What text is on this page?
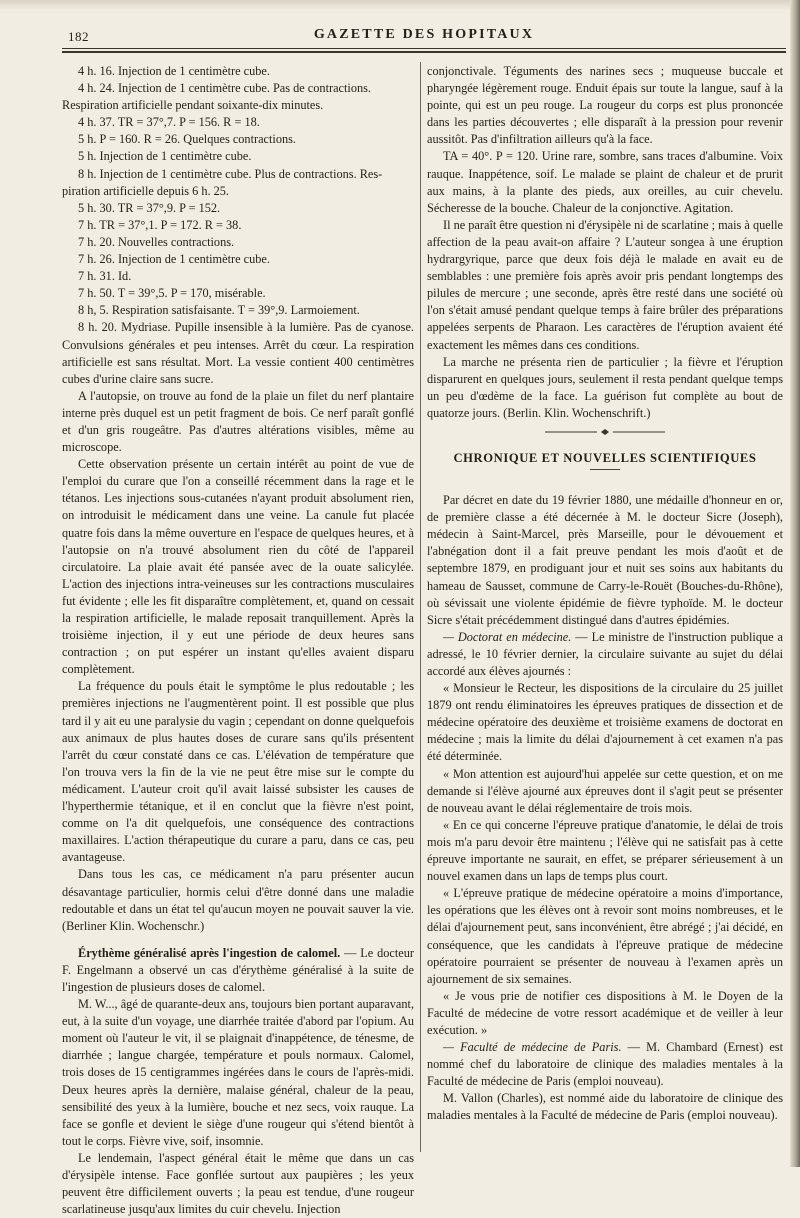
182	GAZETTE DES HOPITAUX

4 h. 16. Injection de 1 centimètre cube.

4 h. 24. Injection de 1 centimètre cube. Pas de contractions.

Respiration artificielle pendant soixante-dix minutes.

4 h. 37. TR = 37°,7. P = 156. R = 18.

5 h. P = 160. R = 26. Quelques contractions.

5 h. Injection de 1 centimètre cube.

8 h. Injection de 1 centimètre cube. Plus de contractions. Res-

piration artificielle depuis 6 h. 25.

5 h. 30. TR = 37°,9. P = 152.

7 h. TR = 37°,1. P = 172. R = 38.

7 h. 20. Nouvelles contractions.

7 h. 26. Injection de 1 centimètre cube.

7 h. 31. Id.

7 h. 50. T = 39°,5. P = 170, misérable.

8 h, 5. Respiration satisfaisante. T = 39°,9. Larmoiement.

8 h. 20. Mydriase. Pupille insensible à la lumière. Pas de cyanose. Convulsions générales et peu intenses. Arrêt du cœur. La respiration artificielle est sans résultat. Mort. La vessie contient 400 centimètres cubes d'urine claire sans sucre.

A l'autopsie, on trouve au fond de la plaie un filet du nerf plantaire interne près duquel est un petit fragment de bois. Ce nerf paraît gonflé et d'un gris rougeâtre. Pas d'autres altérations visibles, même au microscope.

Cette observation présente un certain intérêt au point de vue de l'emploi du curare que l'on a conseillé récemment dans la rage et le tétanos. Les injections sous-cutanées n'ayant produit absolument rien, on introduisit le médicament dans une veine. La canule fut placée quatre fois dans la même ouverture en l'espace de quelques heures, et à l'autopsie on n'a trouvé absolument rien du côté de l'appareil circulatoire. La plaie avait été pansée avec de la ouate salicylée. L'action des injections intra-veineuses sur les contractions musculaires fut évidente ; elle les fit disparaître complètement, et, quand on cessait la respiration artificielle, le malade reposait tranquillement. Après la troisième injection, il y eut une période de deux heures sans contraction ; on put espérer un instant qu'elles avaient disparu complètement.

La fréquence du pouls était le symptôme le plus redoutable ; les premières injections ne l'augmentèrent point. Il est possible que plus tard il y ait eu une paralysie du vagin ; cependant on donne quelquefois aux animaux de plus hautes doses de curare sans qu'ils présentent l'arrêt du cœur constaté dans ce cas. L'élévation de température que l'on trouva vers la fin de la vie ne peut être mise sur le compte du médicament. L'auteur croit qu'il avait laissé subsister les causes de l'hyperthermie tétanique, et il en conclut que la fièvre n'est point, comme on l'a dit quelquefois, une conséquence des contractions maxillaires. L'action thérapeutique du curare a paru, dans ce cas, peu avantageuse.

Dans tous les cas, ce médicament n'a paru présenter aucun désavantage particulier, hormis celui d'être donné dans une maladie redoutable et dans un état tel qu'aucun moyen ne pouvait sauver la vie. (Berliner Klin. Wochenschr.)

Érythème généralisé après l'ingestion de calomel. — Le docteur F. Engelmann a observé un cas d'érythème généralisé à la suite de l'ingestion de plusieurs doses de calomel.

M. W..., âgé de quarante-deux ans, toujours bien portant auparavant, eut, à la suite d'un voyage, une diarrhée traitée d'abord par l'opium. Au moment où l'auteur le vit, il se plaignait d'inappétence, de ténesme, de diarrhée ; langue chargée, température et pouls normaux. Calomel, trois doses de 15 centigrammes ingérées dans le cours de l'après-midi. Deux heures après la dernière, malaise général, chaleur de la peau, sensibilité des yeux à la lumière, bouche et nez secs, voix rauque. La face se gonfle et devient le siège d'une rougeur qui s'étend bientôt à tout le corps. Fièvre vive, soif, insomnie.

Le lendemain, l'aspect général était le même que dans un cas d'érysipèle intense. Face gonflée surtout aux paupières ; les yeux peuvent être difficilement ouverts ; la peau est tendue, d'une rougeur scarlatineuse jusqu'aux limites du cuir chevelu. Injection

conjonctivale. Téguments des narines secs ; muqueuse buccale et pharyngée légèrement rouge. Enduit épais sur toute la langue, sauf à la pointe, qui est un peu rouge. La rougeur du corps est plus prononcée dans les parties découvertes ; elle disparaît à la pression pour revenir aussitôt. Pas d'infiltration ailleurs qu'à la face.

TA = 40°. P = 120. Urine rare, sombre, sans traces d'albumine. Voix rauque. Inappétence, soif. Le malade se plaint de chaleur et de prurit aux mains, à la plante des pieds, aux oreilles, au cuir chevelu. Sécheresse de la bouche. Chaleur de la conjonctive. Agitation.

Il ne paraît être question ni d'érysipèle ni de scarlatine ; mais à quelle affection de la peau avait-on affaire ? L'auteur songea à une éruption hydrargyrique, parce que deux fois déjà le malade en avait eu de semblables : une première fois après avoir pris pendant longtemps des pilules de mercure ; une seconde, après être resté dans une société où l'on s'était amusé pendant quelque temps à faire brûler des préparations appelées serpents de Pharaon. Les caractères de l'éruption avaient été exactement les mêmes dans ces conditions.

La marche ne présenta rien de particulier ; la fièvre et l'éruption disparurent en quelques jours, seulement il resta pendant quelque temps un peu d'œdème de la face. La guérison fut complète au bout de quatorze jours. (Berlin. Klin. Wochenschrift.)

CHRONIQUE ET NOUVELLES SCIENTIFIQUES

Par décret en date du 19 février 1880, une médaille d'honneur en or, de première classe a été décernée à M. le docteur Sicre (Joseph), médecin à Saint-Marcel, près Marseille, pour le dévouement et l'abnégation dont il a fait preuve pendant les mois d'août et de septembre 1879, en prodiguant jour et nuit ses soins aux habitants du hameau de Sausset, commune de Carry-le-Rouët (Bouches-du-Rhône), où sévissait une violente épidémie de fièvre typhoïde. M. le docteur Sicre s'était précédemment distingué dans d'autres épidémies.

— Doctorat en médecine. — Le ministre de l'instruction publique a adressé, le 10 février dernier, la circulaire suivante au sujet du délai accordé aux élèves ajournés :

« Monsieur le Recteur, les dispositions de la circulaire du 25 juillet 1879 ont rendu éliminatoires les épreuves pratiques de dissection et de médecine opératoire des deuxième et troisième examens de doctorat en médecine ; mais la limite du délai d'ajournement à cet examen n'a pas été déterminée.

« Mon attention est aujourd'hui appelée sur cette question, et on me demande si l'élève ajourné aux épreuves dont il s'agit peut se présenter de nouveau avant le délai réglementaire de trois mois.

« En ce qui concerne l'épreuve pratique d'anatomie, le délai de trois mois m'a paru devoir être maintenu ; l'élève qui ne satisfait pas à cette épreuve importante ne saurait, en effet, se préparer sérieusement à un nouvel examen dans un laps de temps plus court.

« L'épreuve pratique de médecine opératoire a moins d'importance, les opérations que les élèves ont à revoir sont moins nombreuses, et le délai d'ajournement peut, sans inconvénient, être abrégé ; j'ai décidé, en conséquence, que les candidats à l'épreuve pratique de médecine opératoire pourraient se présenter de nouveau à l'examen après un ajournement de six semaines.

« Je vous prie de notifier ces dispositions à M. le Doyen de la Faculté de médecine de votre ressort académique et de veiller à leur exécution. »

— Faculté de médecine de Paris. — M. Chambard (Ernest) est nommé chef du laboratoire de clinique des maladies mentales à la Faculté de médecine de Paris (emploi nouveau).

M. Vallon (Charles), est nommé aide du laboratoire de clinique des maladies mentales à la Faculté de médecine de Paris (emploi nouveau).
